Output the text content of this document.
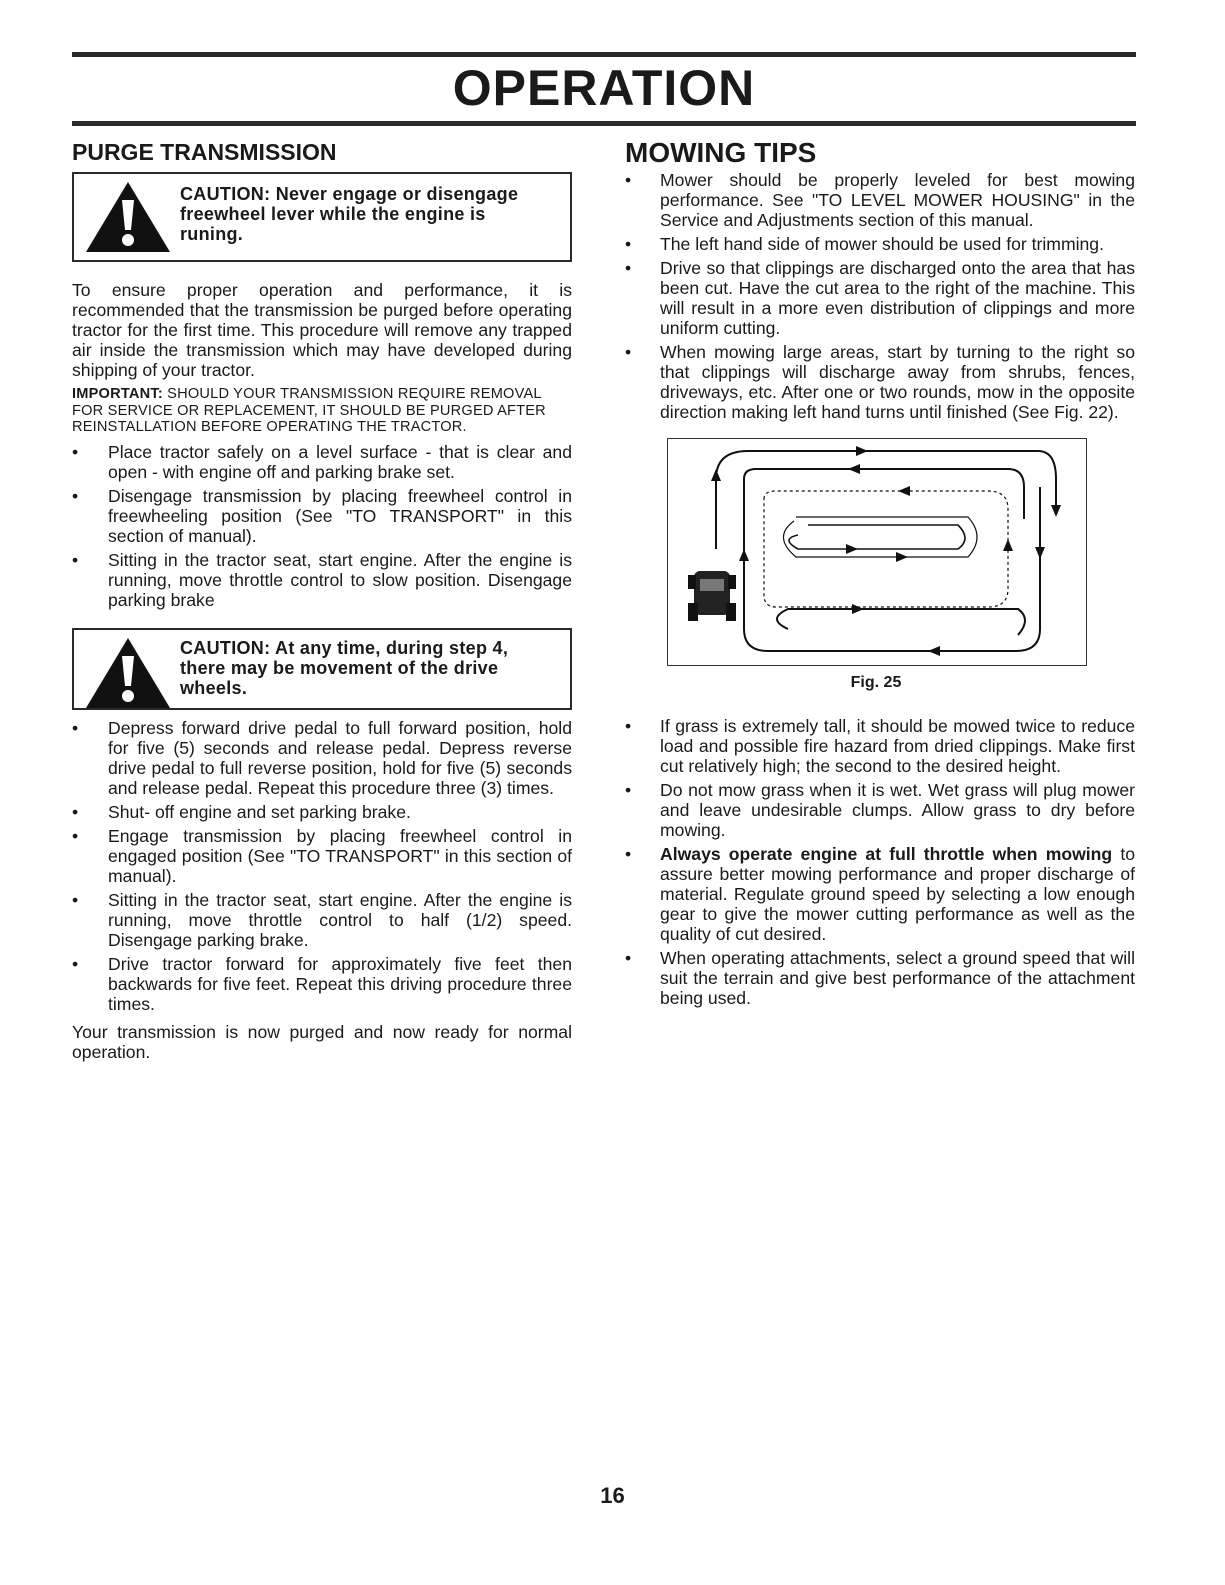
OPERATION
PURGE TRANSMISSION
CAUTION: Never engage or disengage freewheel lever while the engine is runing.

To ensure proper operation and performance, it is recommended that the transmission be purged before operating tractor for the first time. This procedure will remove any trapped air inside the transmission which may have developed during shipping of your tractor.

IMPORTANT: SHOULD YOUR TRANSMISSION REQUIRE REMOVAL FOR SERVICE OR REPLACEMENT, IT SHOULD BE PURGED AFTER REINSTALLATION BEFORE OPERATING THE TRACTOR.

• Place tractor safely on a level surface - that is clear and open - with engine off and parking brake set.
• Disengage transmission by placing freewheel control in freewheeling position (See "TO TRANSPORT" in this section of manual).
• Sitting in the tractor seat, start engine. After the engine is running, move throttle control to slow position. Disengage parking brake
CAUTION: At any time, during step 4, there may be movement of the drive wheels.
• Depress forward drive pedal to full forward position, hold for five (5) seconds and release pedal. Depress reverse drive pedal to full reverse position, hold for five (5) seconds and release pedal. Repeat this procedure three (3) times.
• Shut- off engine and set parking brake.
• Engage transmission by placing freewheel control in engaged position (See "TO TRANSPORT" in this section of manual).
• Sitting in the tractor seat, start engine. After the engine is running, move throttle control to half (1/2) speed. Disengage parking brake.
• Drive tractor forward for approximately five feet then backwards for five feet. Repeat this driving procedure three times.

Your transmission is now purged and now ready for normal operation.

MOWING TIPS
• Mower should be properly leveled for best mowing performance. See "TO LEVEL MOWER HOUSING" in the Service and Adjustments section of this manual.
• The left hand side of mower should be used for trimming.
• Drive so that clippings are discharged onto the area that has been cut. Have the cut area to the right of the machine. This will result in a more even distribution of clippings and more uniform cutting.
• When mowing large areas, start by turning to the right so that clippings will discharge away from shrubs, fences, driveways, etc. After one or two rounds, mow in the opposite direction making left hand turns until finished (See Fig. 22).
Fig. 25
• If grass is extremely tall, it should be mowed twice to reduce load and possible fire hazard from dried clippings. Make first cut relatively high; the second to the desired height.
• Do not mow grass when it is wet. Wet grass will plug mower and leave undesirable clumps. Allow grass to dry before mowing.
• Always operate engine at full throttle when mowing to assure better mowing performance and proper discharge of material. Regulate ground speed by selecting a low enough gear to give the mower cutting performance as well as the quality of cut desired.
• When operating attachments, select a ground speed that will suit the terrain and give best performance of the attachment being used.
16
